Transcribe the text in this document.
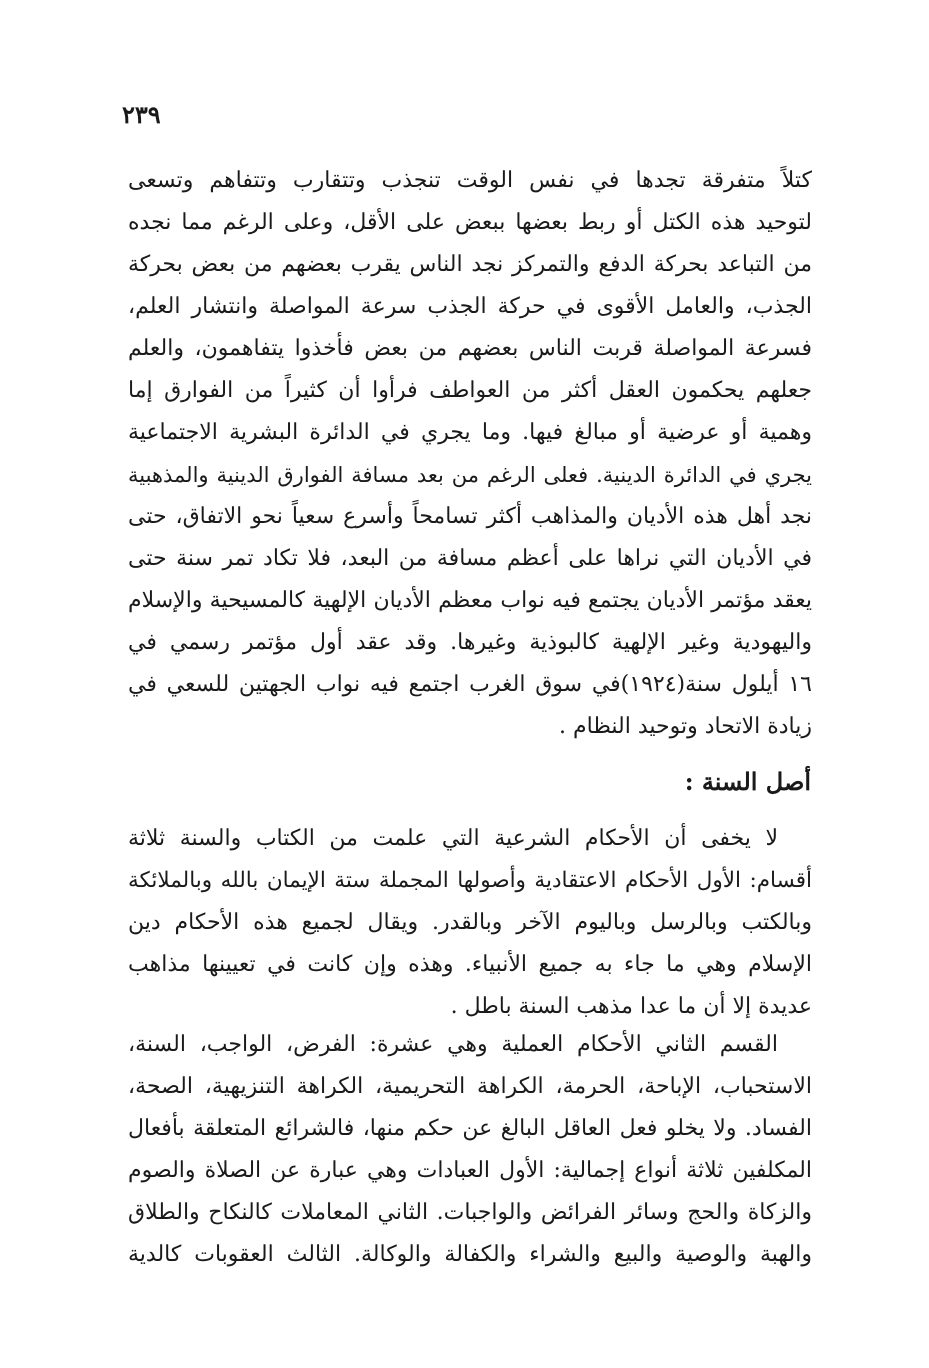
٢٣٩
كتلاً متفرقة تجدها في نفس الوقت تنجذب وتتقارب وتتفاهم وتسعى
لتوحيد هذه الكتل أو ربط بعضها ببعض على الأقل، وعلى الرغم مما نجده
من التباعد بحركة الدفع والتمركز نجد الناس يقرب بعضهم من بعض بحركة
الجذب، والعامل الأقوى في حركة الجذب سرعة المواصلة وانتشار العلم،
فسرعة المواصلة قربت الناس بعضهم من بعض فأخذوا يتفاهمون، والعلم
جعلهم يحكمون العقل أكثر من العواطف فرأوا أن كثيراً من الفوارق إما
وهمية أو عرضية أو مبالغ فيها. وما يجري في الدائرة البشرية الاجتماعية
يجري في الدائرة الدينية. فعلى الرغم من بعد مسافة الفوارق الدينية والمذهبية
نجد أهل هذه الأديان والمذاهب أكثر تسامحاً وأسرع سعياً نحو الاتفاق، حتى
في الأديان التي نراها على أعظم مسافة من البعد، فلا تكاد تمر سنة حتى
يعقد مؤتمر الأديان يجتمع فيه نواب معظم الأديان الإلهية كالمسيحية والإسلام
واليهودية وغير الإلهية كالبوذية وغيرها. وقد عقد أول مؤتمر رسمي في
١٦ أيلول سنة(١٩٢٤)في سوق الغرب اجتمع فيه نواب الجهتين للسعي في
زيادة الاتحاد وتوحيد النظام .
أصل السنة :
لا يخفى أن الأحكام الشرعية التي علمت من الكتاب والسنة ثلاثة
أقسام: الأول الأحكام الاعتقادية وأصولها المجملة ستة الإيمان بالله وبالملائكة
وبالكتب وبالرسل وباليوم الآخر وبالقدر. ويقال لجميع هذه الأحكام دين
الإسلام وهي ما جاء به جميع الأنبياء. وهذه وإن كانت في تعيينها مذاهب
عديدة إلا أن ما عدا مذهب السنة باطل .
القسم الثاني الأحكام العملية وهي عشرة: الفرض، الواجب، السنة،
الاستحباب، الإباحة، الحرمة، الكراهة التحريمية، الكراهة التنزيهية، الصحة،
الفساد. ولا يخلو فعل العاقل البالغ عن حكم منها، فالشرائع المتعلقة بأفعال
المكلفين ثلاثة أنواع إجمالية: الأول العبادات وهي عبارة عن الصلاة والصوم
والزكاة والحج وسائر الفرائض والواجبات. الثاني المعاملات كالنكاح والطلاق
والهبة والوصية والبيع والشراء والكفالة والوكالة. الثالث العقوبات كالدية
